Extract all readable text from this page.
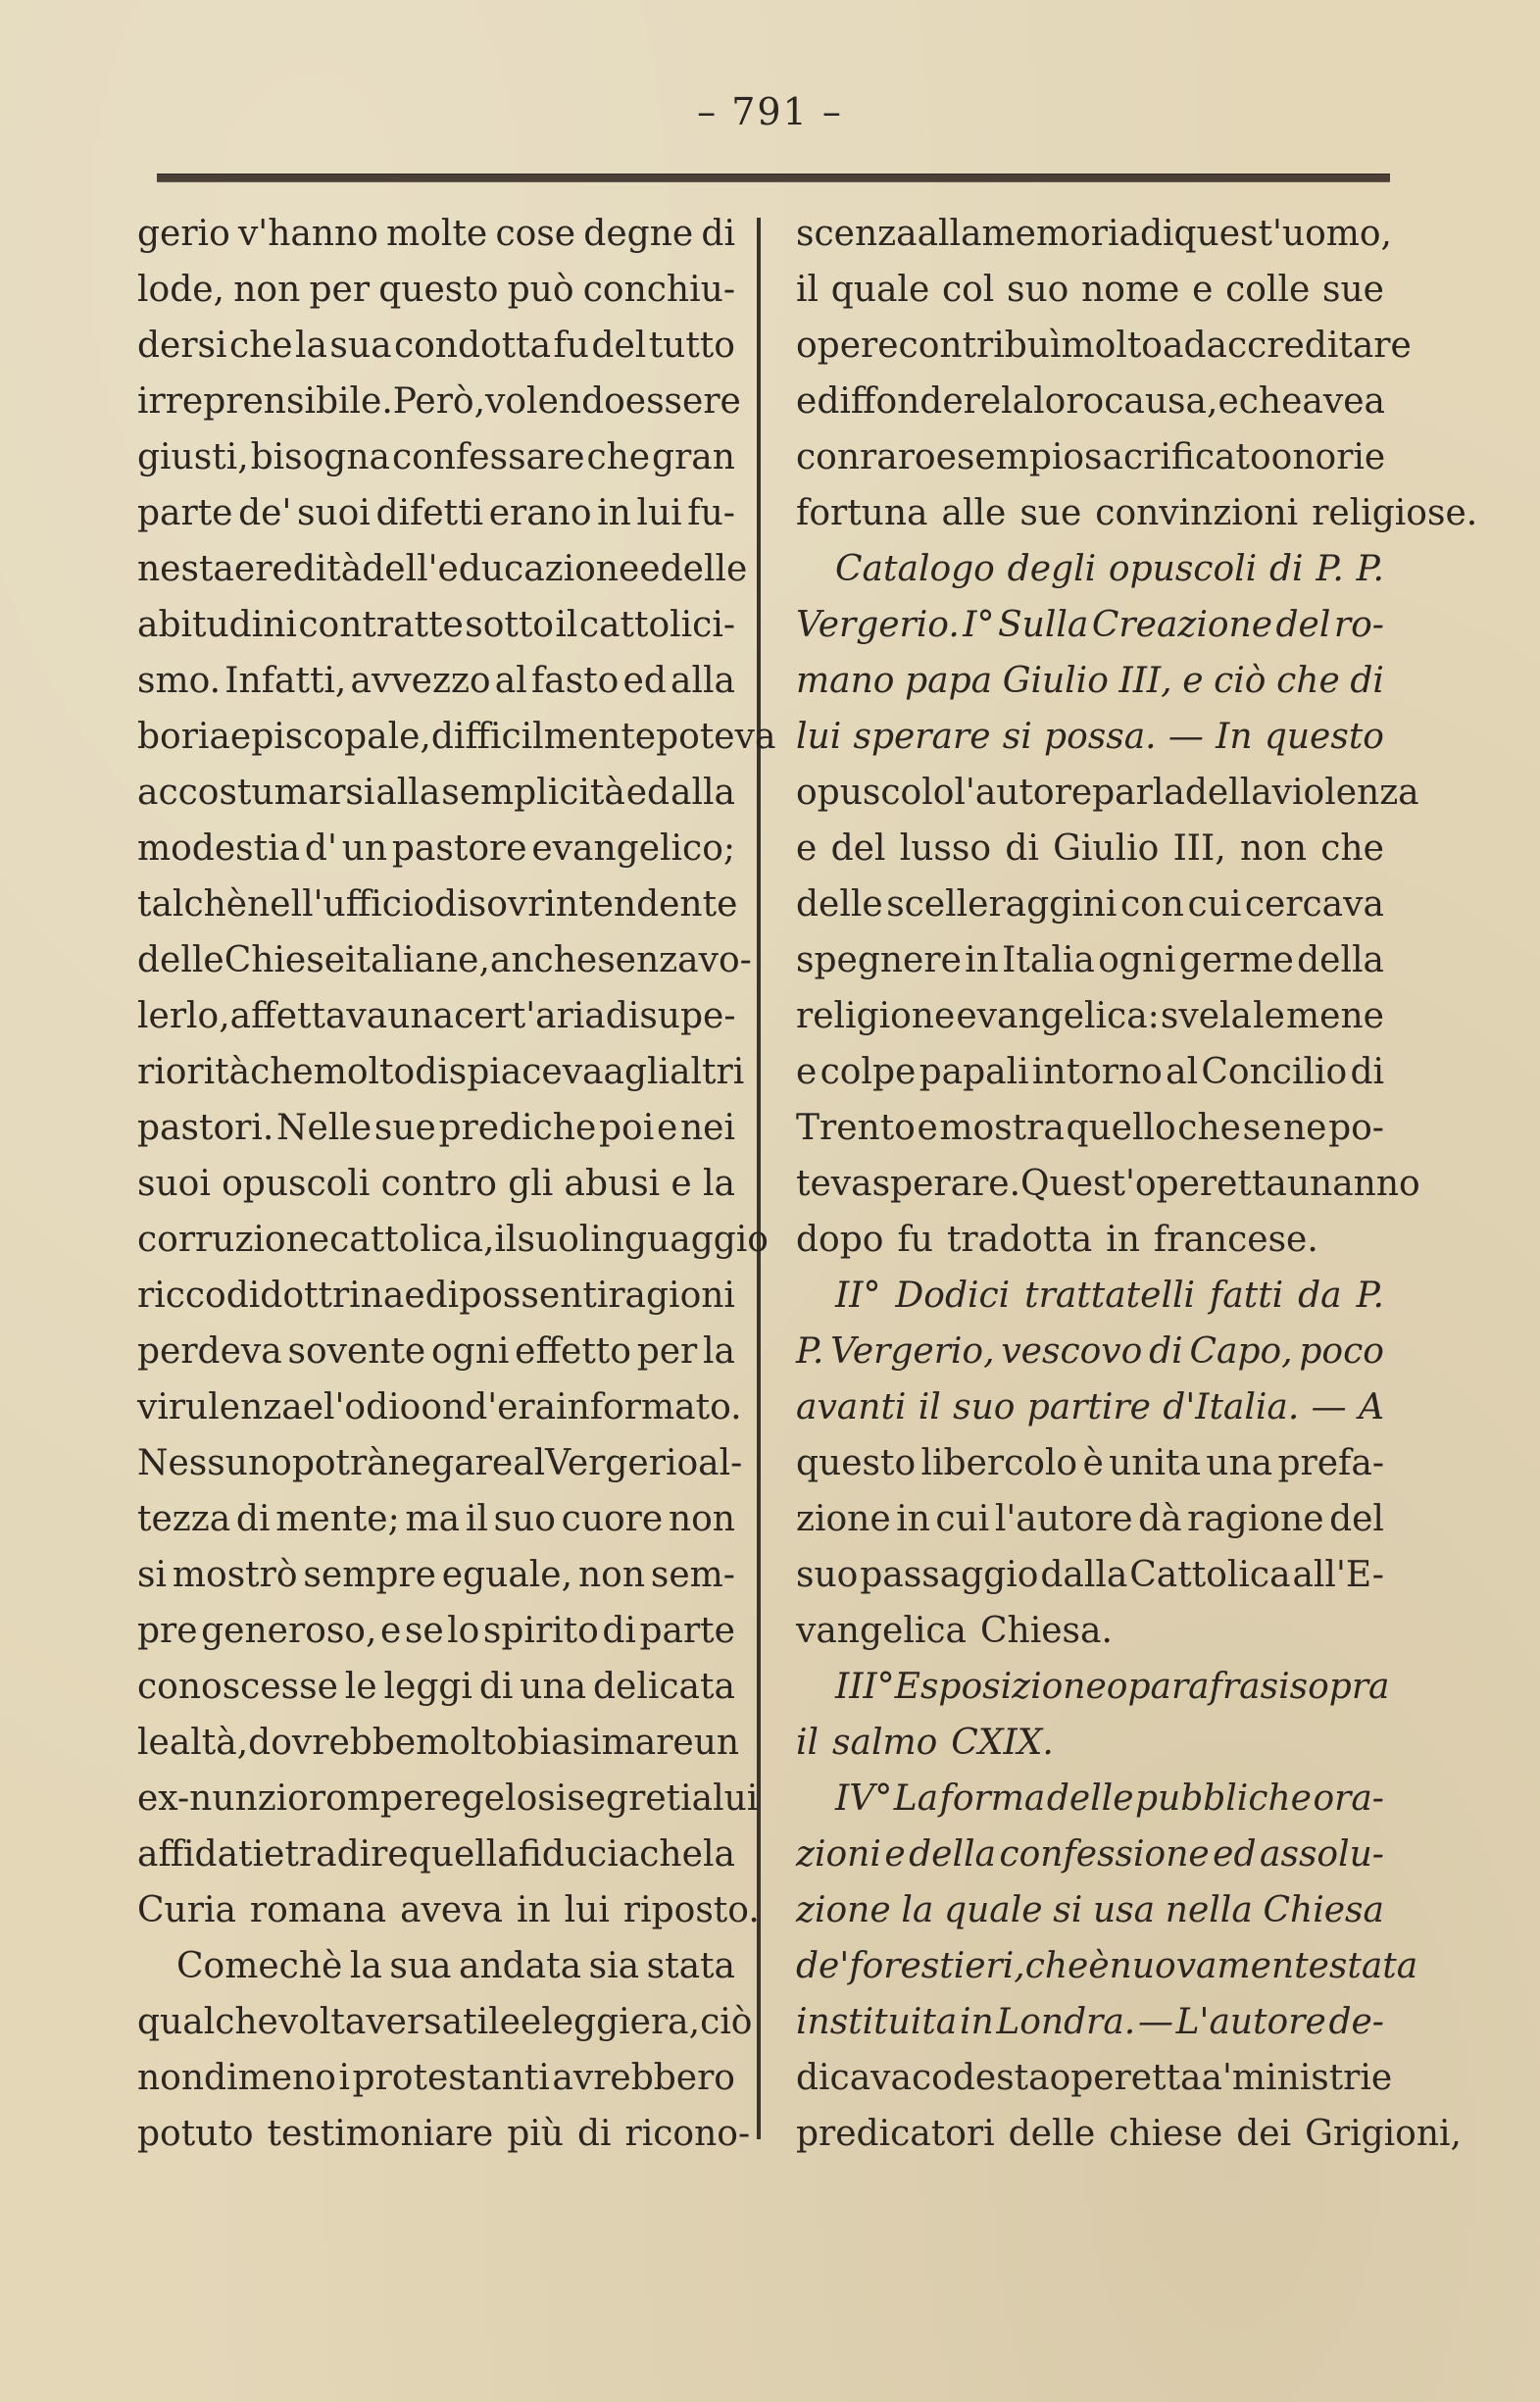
– 791 –
gerio v'hanno molte cose degne di
lode, non per questo può conchiu-
dersi che la sua condotta fu del tutto
irreprensibile. Però, volendo essere
giusti, bisogna confessare che gran
parte de' suoi difetti erano in lui fu-
nesta eredità dell'educazione e delle
abitudini contratte sotto il cattolici-
smo. Infatti, avvezzo al fasto ed alla
boria episcopale, difficilmente poteva
accostumarsi alla semplicità ed alla
modestia d' un pastore evangelico;
talchè nell' ufficio di sovrintendente
delle Chiese italiane, anche senza vo-
lerlo, affettava una cert'aria di supe-
riorità che molto dispiaceva agli altri
pastori. Nelle sue prediche poi e nei
suoi opuscoli contro gli abusi e la
corruzione cattolica, il suo linguaggio
ricco di dottrina e di possenti ragioni
perdeva sovente ogni effetto per la
virulenza e l'odio ond'era informato.
Nessuno potrà negare al Vergerio al-
tezza di mente; ma il suo cuore non
si mostrò sempre eguale, non sem-
pre generoso, e se lo spirito di parte
conoscesse le leggi di una delicata
lealtà, dovrebbe molto biasimare un
ex-nunzio rompere gelosi segreti a lui
affidati e tradire quella fiducia che la
Curia romana aveva in lui riposto.
Comechè la sua andata sia stata
qualche volta versatile e leggiera, ciò
nondimeno i protestanti avrebbero
potuto testimoniare più di ricono-
scenza alla memoria di quest'uomo,
il quale col suo nome e colle sue
opere contribuì molto ad accreditare
e diffondere la loro causa, e che avea
con raro esempio sacrificato onori e
fortuna alle sue convinzioni religiose.
Catalogo degli opuscoli di P. P.
Vergerio. I° Sulla Creazione del ro-
mano papa Giulio III, e ciò che di
lui sperare si possa. — In questo
opuscolo l'autore parla della violenza
e del lusso di Giulio III, non che
delle scelleraggini con cui cercava
spegnere in Italia ogni germe della
religione evangelica: svela le mene
e colpe papali intorno al Concilio di
Trento e mostra quello che se ne po-
teva sperare. Quest'operetta un anno
dopo fu tradotta in francese.
II° Dodici trattatelli fatti da P.
P. Vergerio, vescovo di Capo, poco
avanti il suo partire d'Italia. — A
questo libercolo è unita una prefa-
zione in cui l'autore dà ragione del
suo passaggio dalla Cattolica all'E-
vangelica Chiesa.
III° Esposizione o parafrasi sopra
il salmo CXIX.
IV° La forma delle pubbliche ora-
zioni e della confessione ed assolu-
zione la quale si usa nella Chiesa
de' forestieri, che è nuovamente stata
instituita in Londra. — L'autore de-
dicava codesta operetta a' ministri e
predicatori delle chiese dei Grigioni,
